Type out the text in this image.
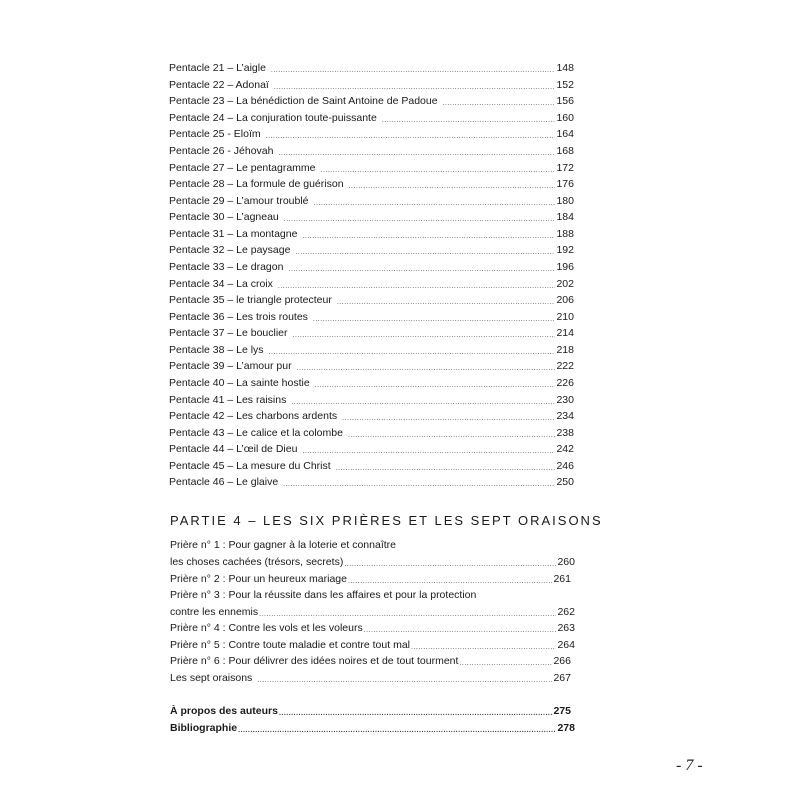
Pentacle 21 – L’aigle .....	148
Pentacle 22 – Adonaï .....	152
Pentacle 23 – La bénédiction de Saint Antoine de Padoue .....	156
Pentacle 24 – La conjuration toute-puissante .....	160
Pentacle 25 - Eloïm .....	164
Pentacle 26 - Jéhovah .....	168
Pentacle 27 – Le pentagramme .....	172
Pentacle 28 – La formule de guérison .....	176
Pentacle 29 – L’amour troublé .....	180
Pentacle 30 – L’agneau .....	184
Pentacle 31 – La montagne .....	188
Pentacle 32 – Le paysage .....	192
Pentacle 33 – Le dragon .....	196
Pentacle 34 – La croix .....	202
Pentacle 35 – le triangle protecteur .....	206
Pentacle 36 – Les trois routes .....	210
Pentacle 37 – Le bouclier .....	214
Pentacle 38 – Le lys .....	218
Pentacle 39 – L’amour pur .....	222
Pentacle 40 – La sainte hostie .....	226
Pentacle 41 – Les raisins .....	230
Pentacle 42 – Les charbons ardents .....	234
Pentacle 43 – Le calice et la colombe .....	238
Pentacle 44 – L’œil de Dieu .....	242
Pentacle 45 – La mesure du Christ .....	246
Pentacle 46 – Le glaive .....	250
PARTIE 4 – LES SIX PRIÈRES ET LES SEPT ORAISONS
Prière n° 1 : Pour gagner à la loterie et connaître
les choses cachées (trésors, secrets) .....	260
Prière n° 2 : Pour un heureux mariage .....	261
Prière n° 3 : Pour la réussite dans les affaires et pour la protection
contre les ennemis .....	262
Prière n° 4 : Contre les vols et les voleurs .....	263
Prière n° 5 : Contre toute maladie et contre tout mal .....	264
Prière n° 6 : Pour délivrer des idées noires et de tout tourment .....	266
Les sept oraisons .....	267
À propos des auteurs .....	275
Bibliographie .....	278
- 7 -
